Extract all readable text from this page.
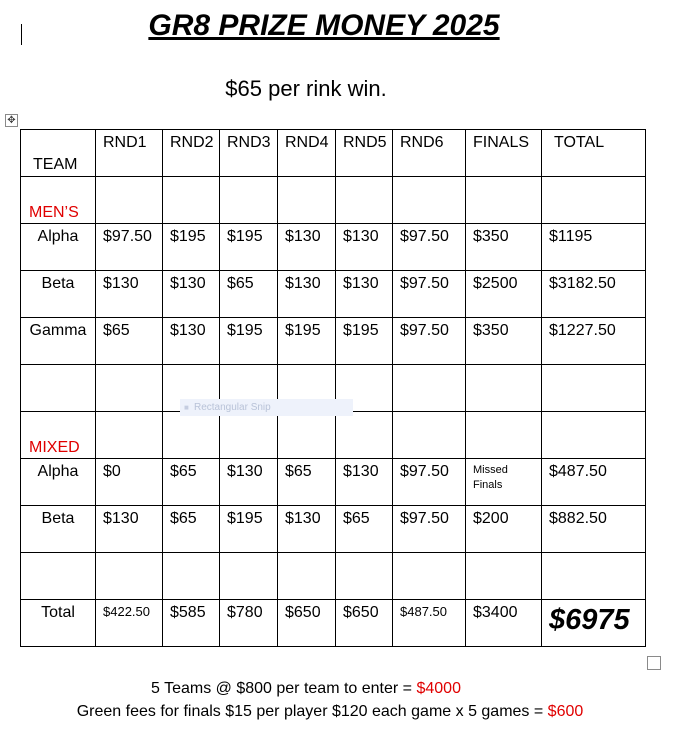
GR8 PRIZE MONEY 2025
$65 per rink win.
✥
TEAM	RND1	RND2	RND3	RND4	RND5	RND6	FINALS	TOTAL

MEN’S								

Alpha	$97.50	$195	$195	$130	$130	$97.50	$350	$1195

Beta	$130	$130	$65	$130	$130	$97.50	$2500	$3182.50

Gamma	$65	$130	$195	$195	$195	$97.50	$350	$1227.50

MIXED								

Alpha	$0	$65	$130	$65	$130	$97.50	Missed Finals	$487.50

Beta	$130	$65	$195	$130	$65	$97.50	$200	$882.50

Total	$422.50	$585	$780	$650	$650	$487.50	$3400	$6975
■ Rectangular Snip
5 Teams @ $800 per team to enter = $4000
Green fees for finals $15 per player $120 each game x 5 games = $600
